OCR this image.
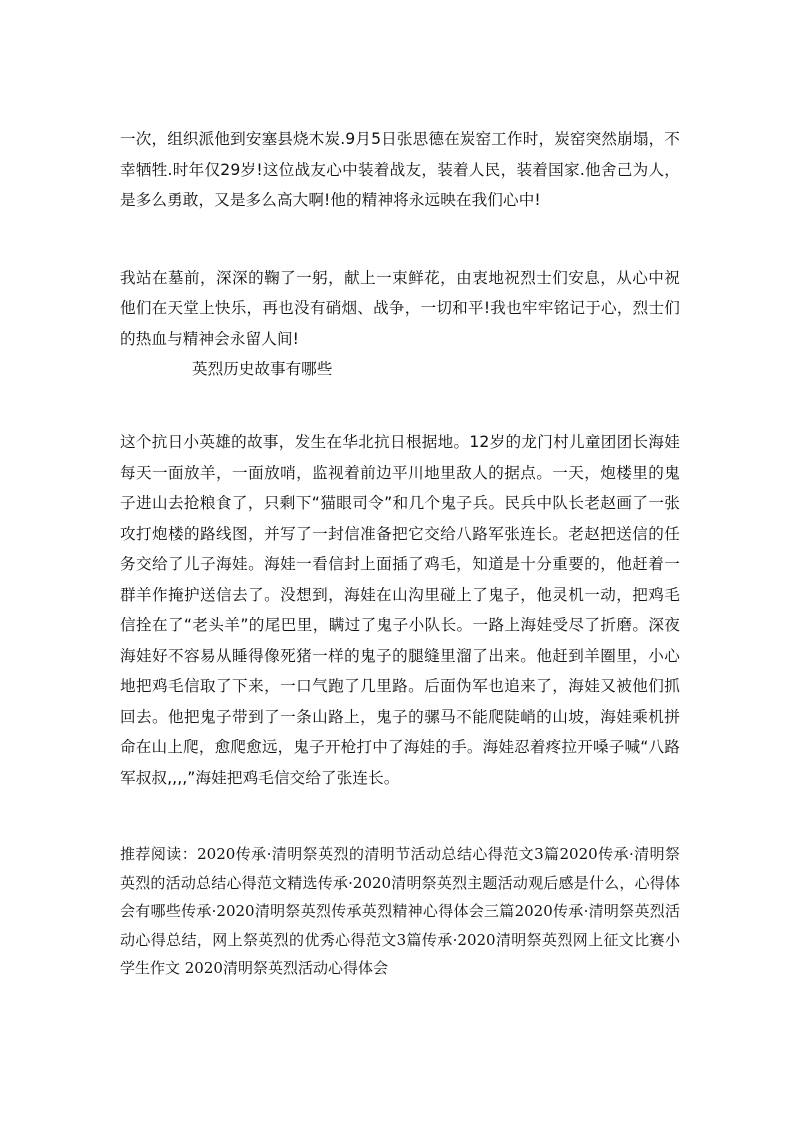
一次，组织派他到安塞县烧木炭.9月5日张思德在炭窑工作时，炭窑突然崩塌，不幸牺牲.时年仅29岁!这位战友心中装着战友，装着人民，装着国家.他舍己为人，是多么勇敢，又是多么高大啊!他的精神将永远映在我们心中!

我站在墓前，深深的鞠了一躬，献上一束鲜花，由衷地祝烈士们安息，从心中祝他们在天堂上快乐，再也没有硝烟、战争，一切和平!我也牢牢铭记于心，烈士们的热血与精神会永留人间!

英烈历史故事有哪些

这个抗日小英雄的故事，发生在华北抗日根据地。12岁的龙门村儿童团团长海娃每天一面放羊，一面放哨，监视着前边平川地里敌人的据点。一天，炮楼里的鬼子进山去抢粮食了，只剩下“猫眼司令”和几个鬼子兵。民兵中队长老赵画了一张攻打炮楼的路线图，并写了一封信准备把它交给八路军张连长。老赵把送信的任务交给了儿子海娃。海娃一看信封上面插了鸡毛，知道是十分重要的，他赶着一群羊作掩护送信去了。没想到，海娃在山沟里碰上了鬼子，他灵机一动，把鸡毛信拴在了“老头羊”的尾巴里，瞒过了鬼子小队长。一路上海娃受尽了折磨。深夜海娃好不容易从睡得像死猪一样的鬼子的腿缝里溜了出来。他赶到羊圈里，小心地把鸡毛信取了下来，一口气跑了几里路。后面伪军也追来了，海娃又被他们抓回去。他把鬼子带到了一条山路上，鬼子的骡马不能爬陡峭的山坡，海娃乘机拼命在山上爬，愈爬愈远，鬼子开枪打中了海娃的手。海娃忍着疼拉开嗓子喊“八路军叔叔,,,,”海娃把鸡毛信交给了张连长。

推荐阅读：2020传承·清明祭英烈的清明节活动总结心得范文3篇2020传承·清明祭英烈的活动总结心得范文精选传承·2020清明祭英烈主题活动观后感是什么，心得体会有哪些传承·2020清明祭英烈传承英烈精神心得体会三篇2020传承·清明祭英烈活动心得总结，网上祭英烈的优秀心得范文3篇传承·2020清明祭英烈网上征文比赛小学生作文 2020清明祭英烈活动心得体会
